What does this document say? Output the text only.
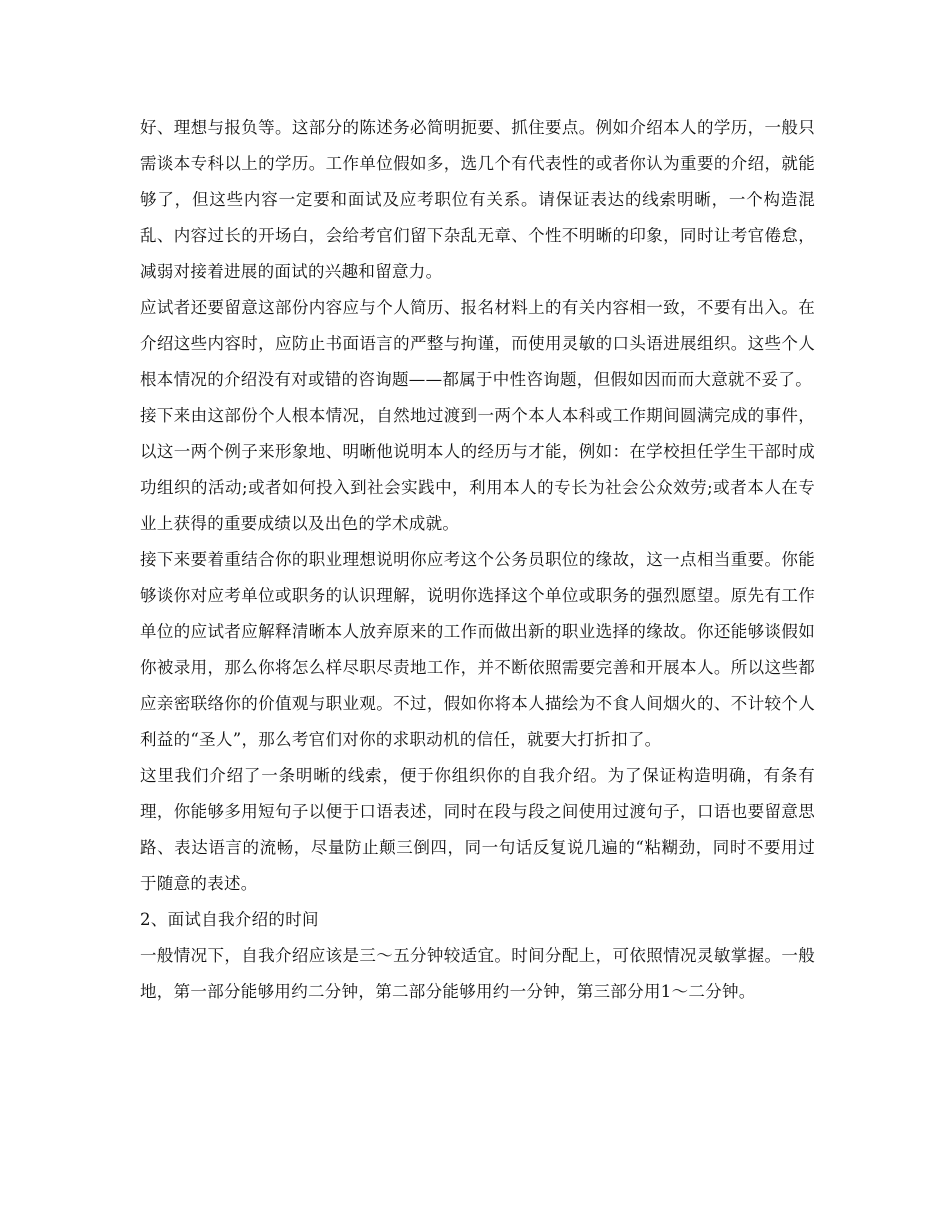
好、理想与报负等。这部分的陈述务必简明扼要、抓住要点。例如介绍本人的学历，一般只需谈本专科以上的学历。工作单位假如多，选几个有代表性的或者你认为重要的介绍，就能够了，但这些内容一定要和面试及应考职位有关系。请保证表达的线索明晰，一个构造混乱、内容过长的开场白，会给考官们留下杂乱无章、个性不明晰的印象，同时让考官倦怠，减弱对接着进展的面试的兴趣和留意力。

应试者还要留意这部份内容应与个人简历、报名材料上的有关内容相一致，不要有出入。在介绍这些内容时，应防止书面语言的严整与拘谨，而使用灵敏的口头语进展组织。这些个人根本情况的介绍没有对或错的咨询题——都属于中性咨询题，但假如因而而大意就不妥了。

接下来由这部份个人根本情况，自然地过渡到一两个本人本科或工作期间圆满完成的事件，以这一两个例子来形象地、明晰他说明本人的经历与才能，例如：在学校担任学生干部时成功组织的活动;或者如何投入到社会实践中，利用本人的专长为社会公众效劳;或者本人在专业上获得的重要成绩以及出色的学术成就。

接下来要着重结合你的职业理想说明你应考这个公务员职位的缘故，这一点相当重要。你能够谈你对应考单位或职务的认识理解，说明你选择这个单位或职务的强烈愿望。原先有工作单位的应试者应解释清晰本人放弃原来的工作而做出新的职业选择的缘故。你还能够谈假如你被录用，那么你将怎么样尽职尽责地工作，并不断依照需要完善和开展本人。所以这些都应亲密联络你的价值观与职业观。不过，假如你将本人描绘为不食人间烟火的、不计较个人利益的“圣人”，那么考官们对你的求职动机的信任，就要大打折扣了。

这里我们介绍了一条明晰的线索，便于你组织你的自我介绍。为了保证构造明确，有条有理，你能够多用短句子以便于口语表述，同时在段与段之间使用过渡句子，口语也要留意思路、表达语言的流畅，尽量防止颠三倒四，同一句话反复说几遍的“粘糊劲，同时不要用过于随意的表述。

2、面试自我介绍的时间

一般情况下，自我介绍应该是三～五分钟较适宜。时间分配上，可依照情况灵敏掌握。一般地，第一部分能够用约二分钟，第二部分能够用约一分钟，第三部分用1～二分钟。
